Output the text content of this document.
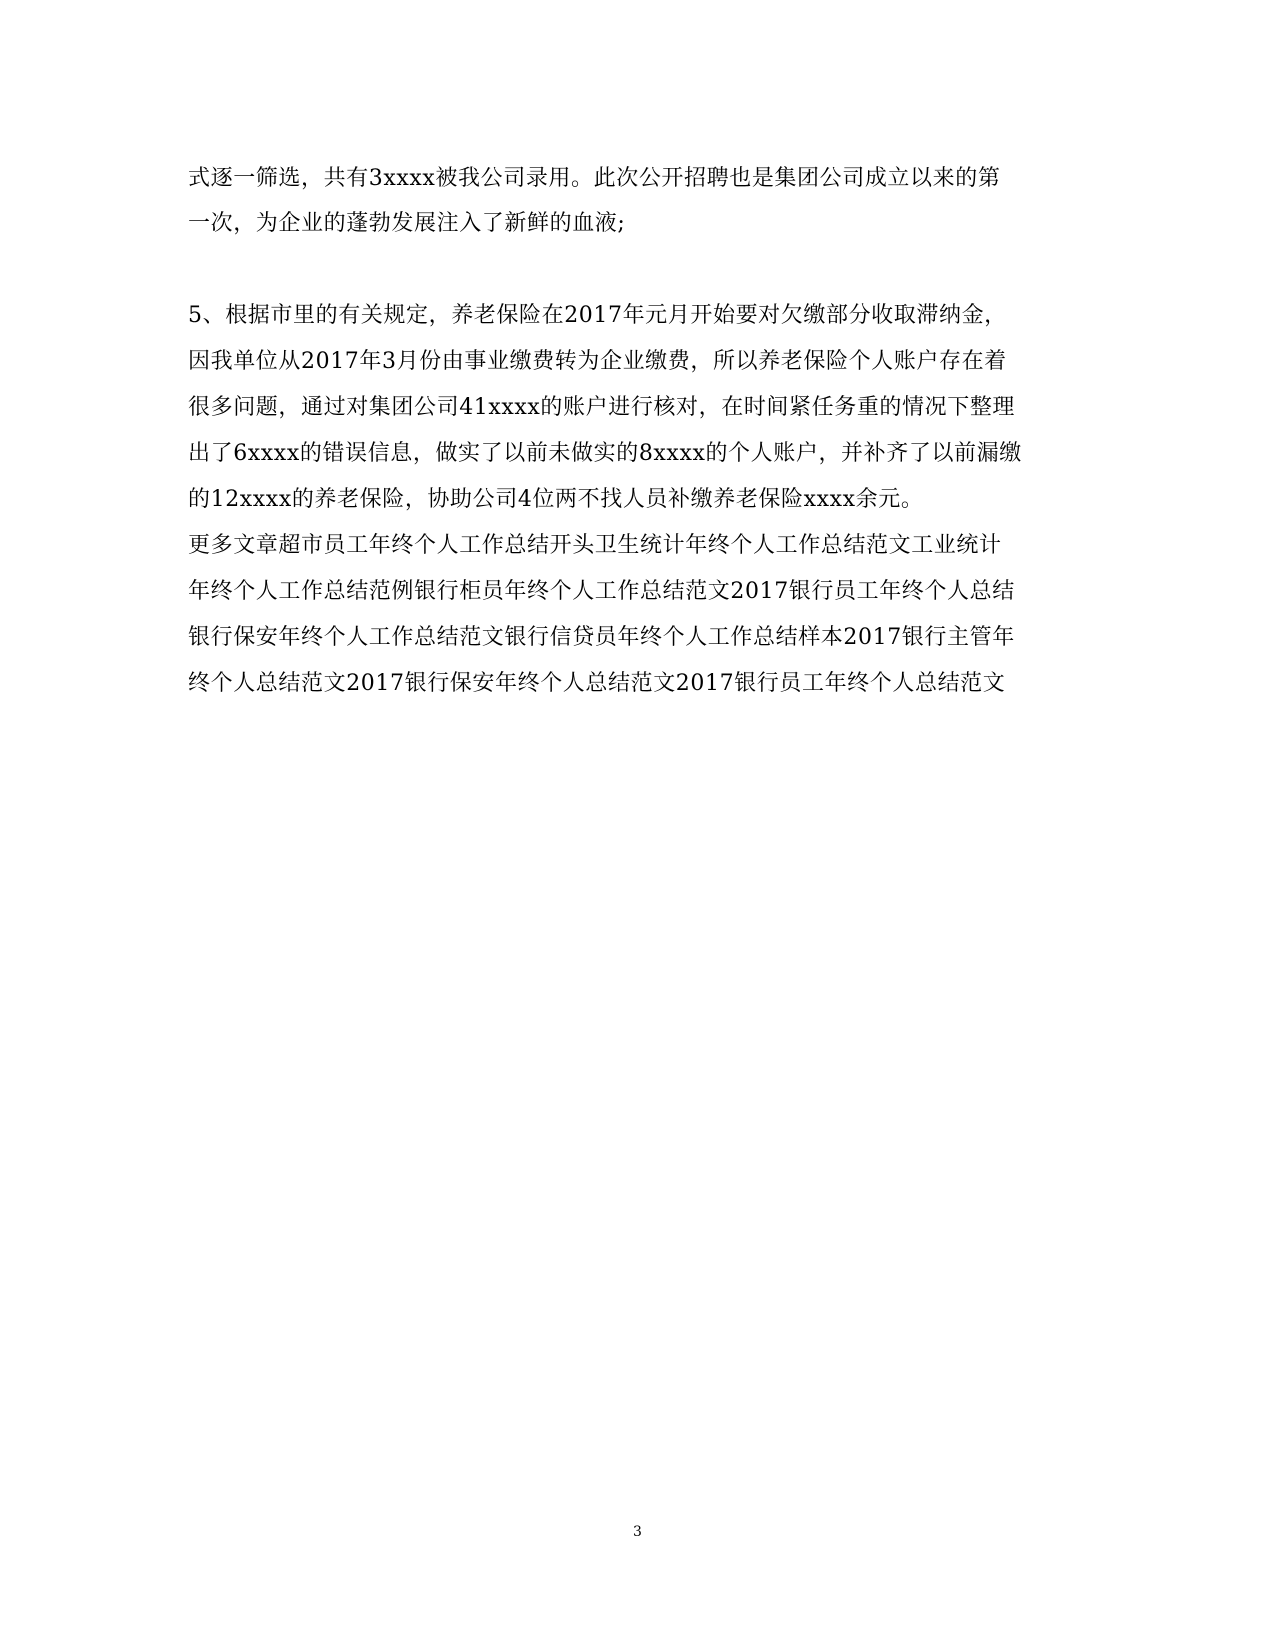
式逐一筛选，共有3xxxx被我公司录用。此次公开招聘也是集团公司成立以来的第
一次，为企业的蓬勃发展注入了新鲜的血液;
5、根据市里的有关规定，养老保险在2017年元月开始要对欠缴部分收取滞纳金，
因我单位从2017年3月份由事业缴费转为企业缴费，所以养老保险个人账户存在着
很多问题，通过对集团公司41xxxx的账户进行核对，在时间紧任务重的情况下整理
出了6xxxx的错误信息，做实了以前未做实的8xxxx的个人账户，并补齐了以前漏缴
的12xxxx的养老保险，协助公司4位两不找人员补缴养老保险xxxx余元。
更多文章超市员工年终个人工作总结开头卫生统计年终个人工作总结范文工业统计
年终个人工作总结范例银行柜员年终个人工作总结范文2017银行员工年终个人总结
银行保安年终个人工作总结范文银行信贷员年终个人工作总结样本2017银行主管年
终个人总结范文2017银行保安年终个人总结范文2017银行员工年终个人总结范文
3
